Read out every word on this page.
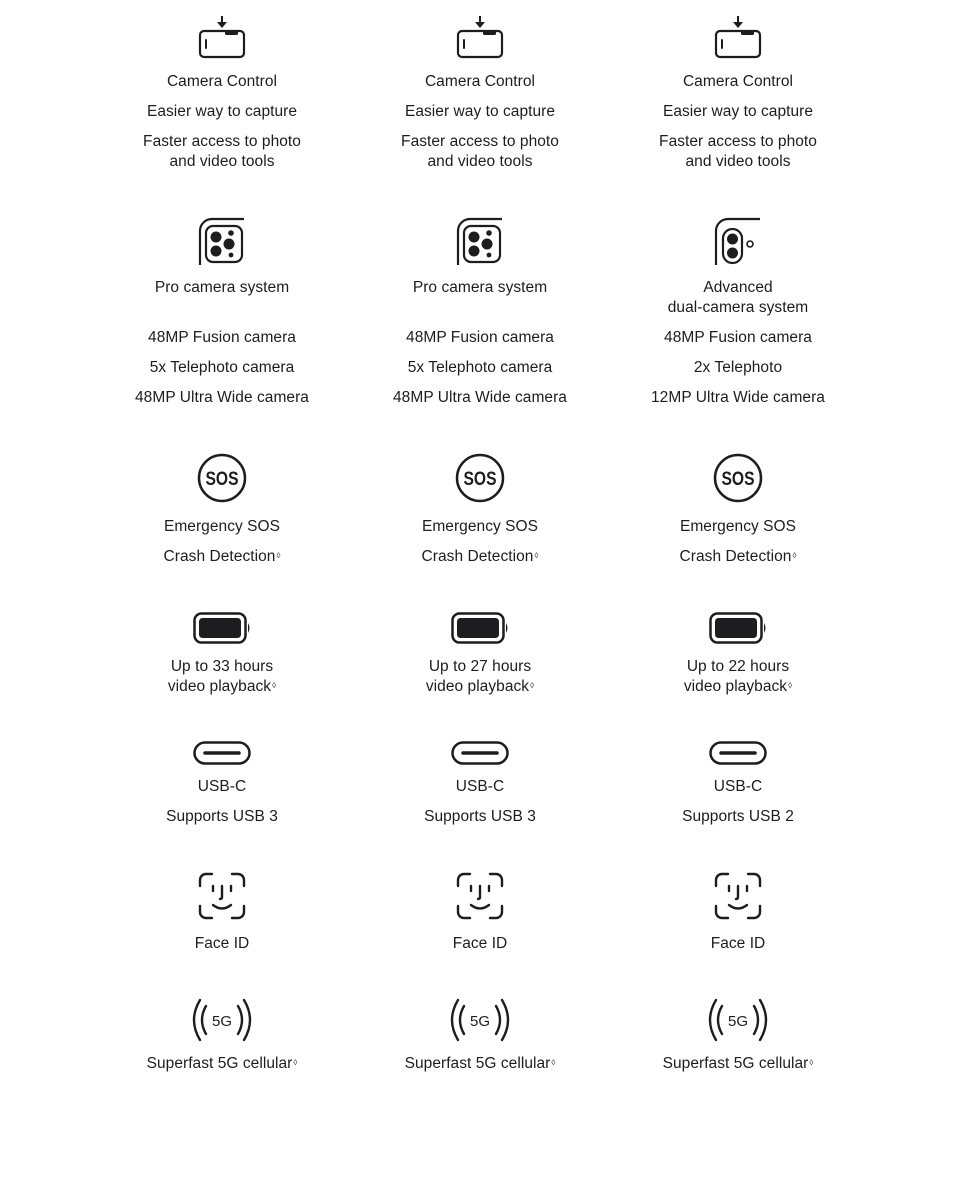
Camera Control
Easier way to capture
Faster access to photo
and video tools
Pro camera system
48MP Fusion camera
5x Telephoto camera
48MP Ultra Wide camera
SOS
Emergency SOS
Crash Detection◊
Up to 33 hours
video playback◊
USB-C
Supports USB 3
Face ID
5G
Superfast 5G cellular◊
Camera Control
Easier way to capture
Faster access to photo
and video tools
Pro camera system
48MP Fusion camera
5x Telephoto camera
48MP Ultra Wide camera
SOS
Emergency SOS
Crash Detection◊
Up to 27 hours
video playback◊
USB-C
Supports USB 3
Face ID
5G
Superfast 5G cellular◊
Camera Control
Easier way to capture
Faster access to photo
and video tools
Advanced
dual-camera system
48MP Fusion camera
2x Telephoto
12MP Ultra Wide camera
SOS
Emergency SOS
Crash Detection◊
Up to 22 hours
video playback◊
USB-C
Supports USB 2
Face ID
5G
Superfast 5G cellular◊
